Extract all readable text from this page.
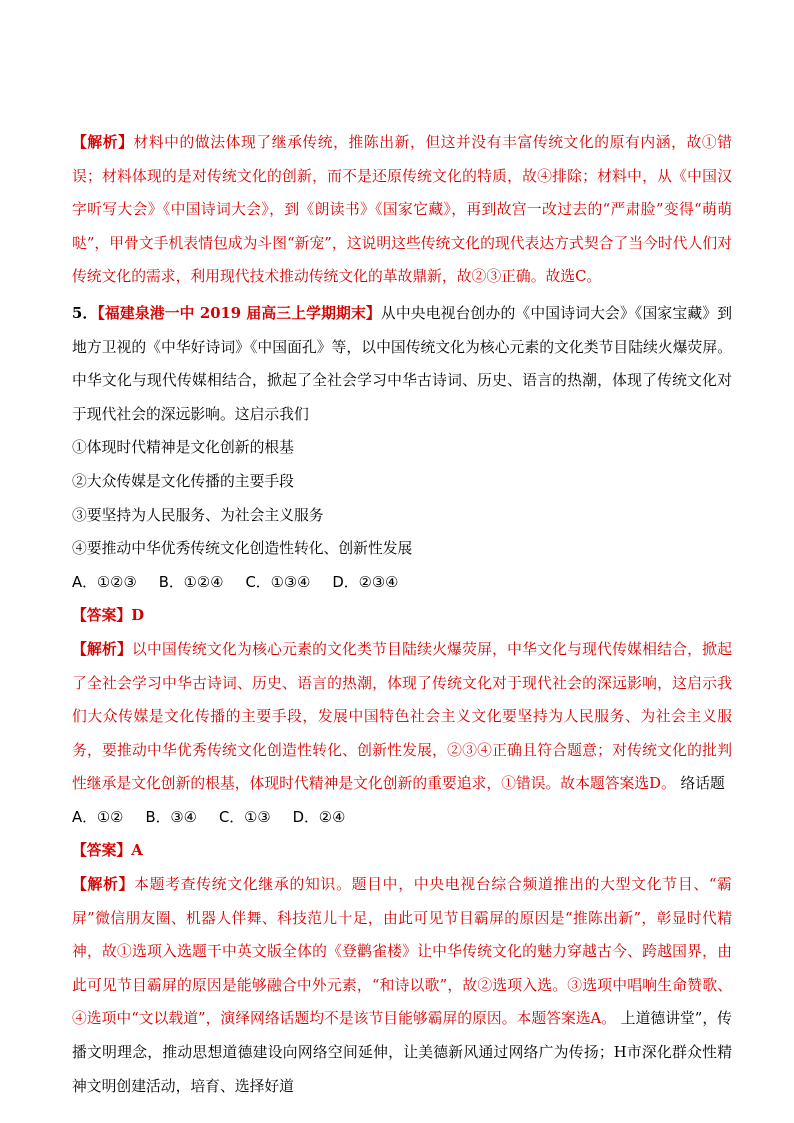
【解析】材料中的做法体现了继承传统，推陈出新，但这并没有丰富传统文化的原有内涵，故①错误；材料体现的是对传统文化的创新，而不是还原传统文化的特质，故④排除；材料中，从《中国汉字听写大会》《中国诗词大会》，到《朗读书》《国家它藏》，再到故宫一改过去的“严肃脸”变得“萌萌哒”，甲骨文手机表情包成为斗图“新宠”，这说明这些传统文化的现代表达方式契合了当今时代人们对传统文化的需求，利用现代技术推动传统文化的革故鼎新，故②③正确。故选C。

5．【福建泉港一中 2019 届高三上学期期末】从中央电视台创办的《中国诗词大会》《国家宝藏》到地方卫视的《中华好诗词》《中国面孔》等，以中国传统文化为核心元素的文化类节目陆续火爆荧屏。中华文化与现代传媒相结合，掀起了全社会学习中华古诗词、历史、语言的热潮，体现了传统文化对于现代社会的深远影响。这启示我们

①体现时代精神是文化创新的根基
②大众传媒是文化传播的主要手段
③要坚持为人民服务、为社会主义服务
④要推动中华优秀传统文化创造性转化、创新性发展

A．①②③ B．①②④ C．①③④ D．②③④

【答案】D

【解析】以中国传统文化为核心元素的文化类节目陆续火爆荧屏，中华文化与现代传媒相结合，掀起了全社会学习中华古诗词、历史、语言的热潮，体现了传统文化对于现代社会的深远影响，这启示我们大众传媒是文化传播的主要手段，发展中国特色社会主义文化要坚持为人民服务、为社会主义服务，要推动中华优秀传统文化创造性转化、创新性发展，②③④正确且符合题意；对传统文化的批判性继承是文化创新的根基，体现时代精神是文化创新的重要追求，①错误。故本题答案选D。 络话题

A．①② B．③④ C．①③ D．②④

【答案】A

【解析】本题考查传统文化继承的知识。题目中，中央电视台综合频道推出的大型文化节目、“霸屏”微信朋友圈、机器人伴舞、科技范儿十足，由此可见节目霸屏的原因是“推陈出新”，彰显时代精神，故①选项入选题干中英文版全体的《登鹳雀楼》让中华传统文化的魅力穿越古今、跨越国界，由此可见节目霸屏的原因是能够融合中外元素，“和诗以歌”，故②选项入选。③选项中唱响生命赞歌、④选项中“文以载道”，演绎网络话题均不是该节目能够霸屏的原因。本题答案选A。 上道德讲堂”，传播文明理念，推动思想道德建设向网络空间延伸，让美德新风通过网络广为传扬；H市深化群众性精神文明创建活动，培育、选择好道
